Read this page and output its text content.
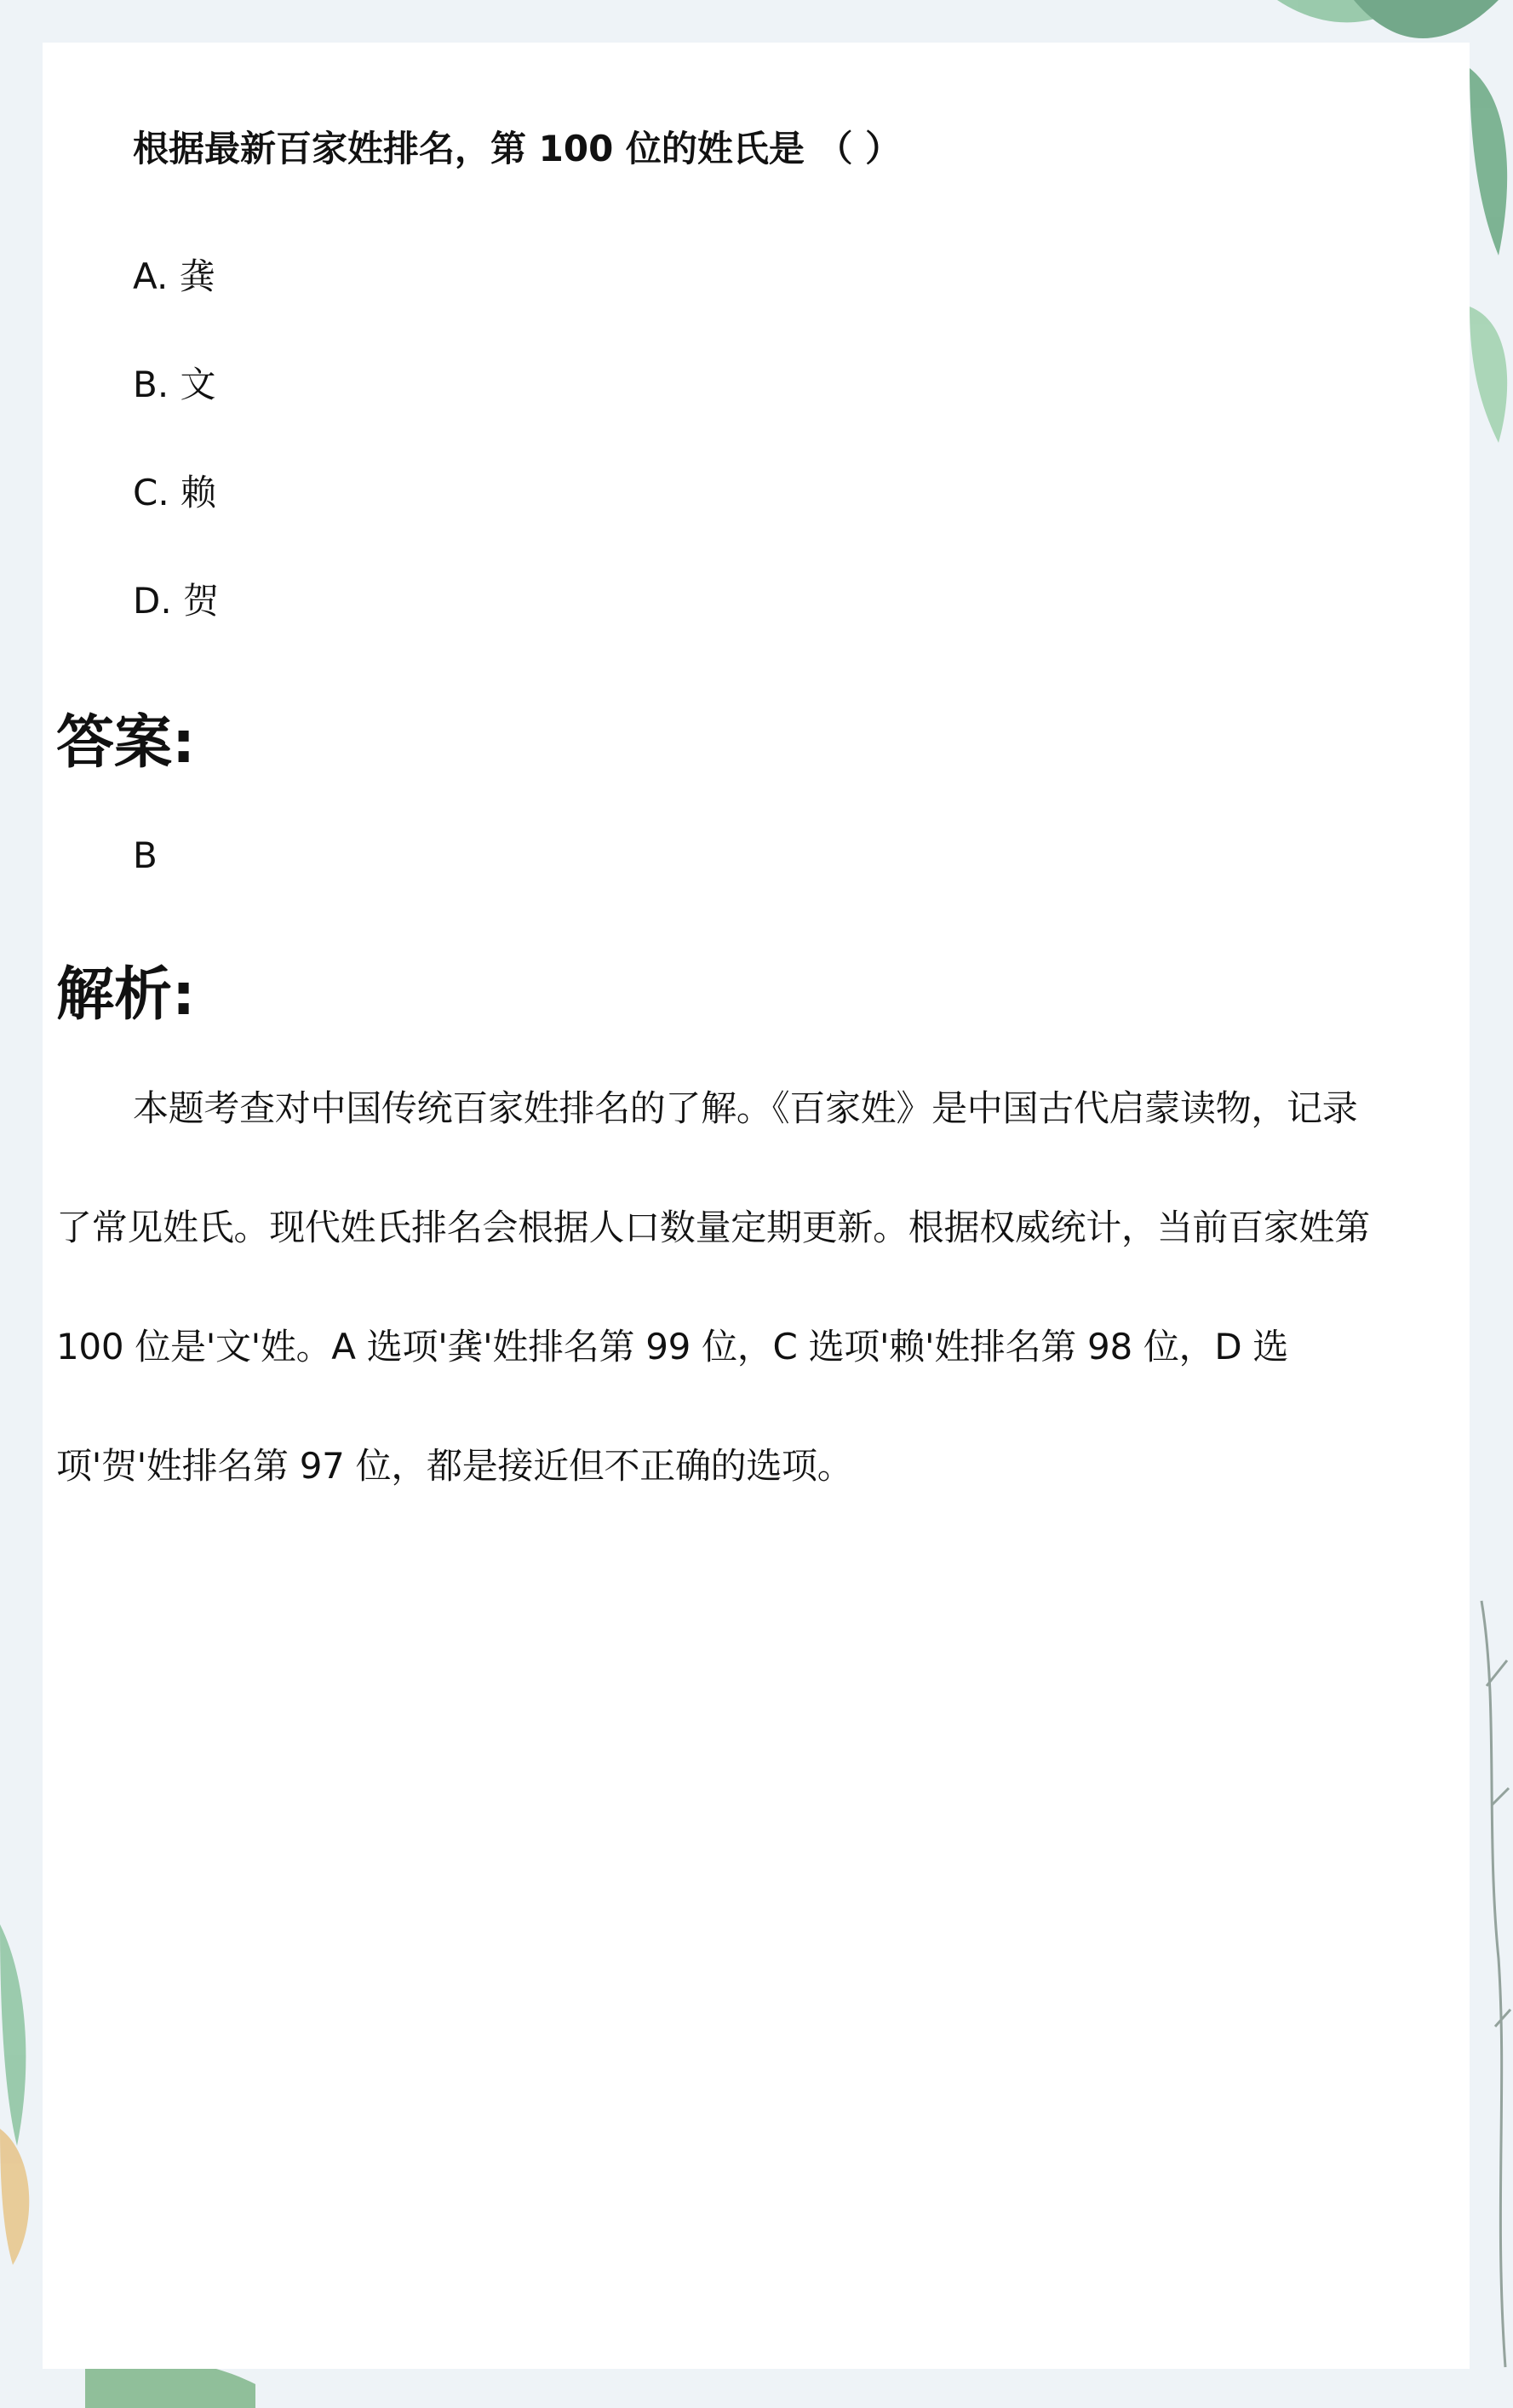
根据最新百家姓排名，第 100 位的姓氏是 （ ）
A. 龚
B. 文
C. 赖
D. 贺
答案:
B
解析:

本题考查对中国传统百家姓排名的了解。《百家姓》是中国古代启蒙读物，记录了常见姓氏。现代姓氏排名会根据人口数量定期更新。根据权威统计，当前百家姓第 100 位是'文'姓。A 选项'龚'姓排名第 99 位，C 选项'赖'姓排名第 98 位，D 选项'贺'姓排名第 97 位，都是接近但不正确的选项。
